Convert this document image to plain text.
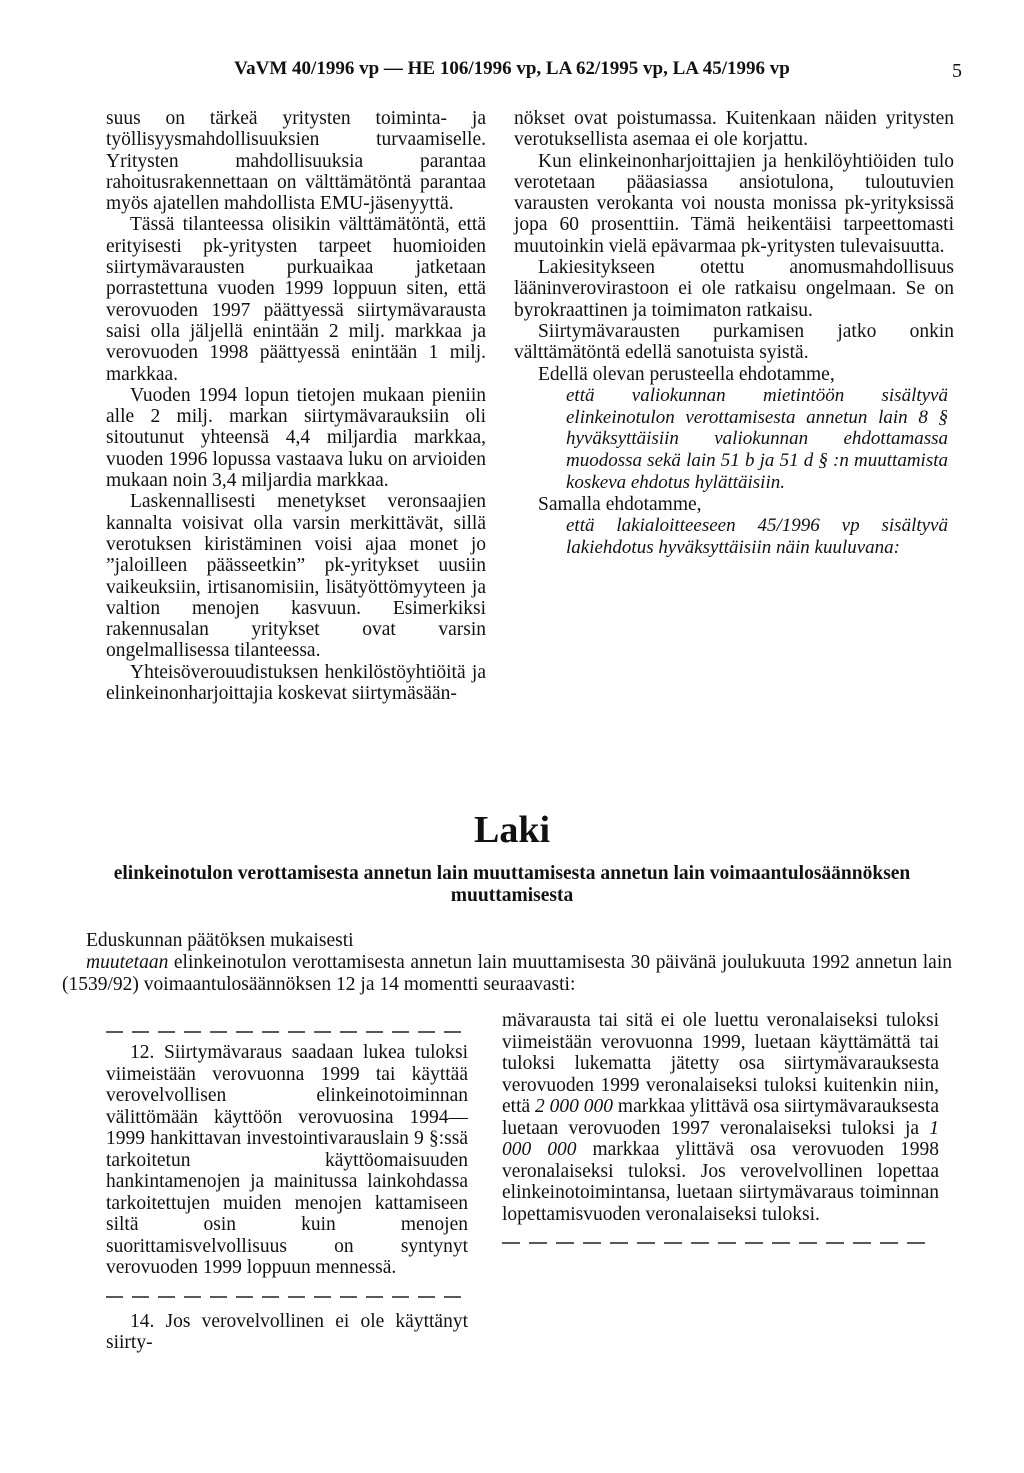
VaVM 40/1996 vp — HE 106/1996 vp, LA 62/1995 vp, LA 45/1996 vp	5

suus on tärkeä yritysten toiminta- ja työllisyysmahdollisuuksien turvaamiselle. Yritysten mahdollisuuksia parantaa rahoitusrakennettaan on välttämätöntä parantaa myös ajatellen mahdollista EMU-jäsenyyttä.

Tässä tilanteessa olisikin välttämätöntä, että erityisesti pk-yritysten tarpeet huomioiden siirtymävarausten purkuaikaa jatketaan porrastettuna vuoden 1999 loppuun siten, että verovuoden 1997 päättyessä siirtymävarausta saisi olla jäljellä enintään 2 milj. markkaa ja verovuoden 1998 päättyessä enintään 1 milj. markkaa.

Vuoden 1994 lopun tietojen mukaan pieniin alle 2 milj. markan siirtymävarauksiin oli sitoutunut yhteensä 4,4 miljardia markkaa, vuoden 1996 lopussa vastaava luku on arvioiden mukaan noin 3,4 miljardia markkaa.

Laskennallisesti menetykset veronsaajien kannalta voisivat olla varsin merkittävät, sillä verotuksen kiristäminen voisi ajaa monet jo ”jaloilleen päässeetkin” pk-yritykset uusiin vaikeuksiin, irtisanomisiin, lisätyöttömyyteen ja valtion menojen kasvuun. Esimerkiksi rakennusalan yritykset ovat varsin ongelmallisessa tilanteessa.

Yhteisöverouudistuksen henkilöstöyhtiöitä ja elinkeinonharjoittajia koskevat siirtymäsään-

nökset ovat poistumassa. Kuitenkaan näiden yritysten verotuksellista asemaa ei ole korjattu.

Kun elinkeinonharjoittajien ja henkilöyhtiöiden tulo verotetaan pääasiassa ansiotulona, tuloutuvien varausten verokanta voi nousta monissa pk-yrityksissä jopa 60 prosenttiin. Tämä heikentäisi tarpeettomasti muutoinkin vielä epävarmaa pk-yritysten tulevaisuutta.

Lakiesitykseen otettu anomusmahdollisuus lääninverovirastoon ei ole ratkaisu ongelmaan. Se on byrokraattinen ja toimimaton ratkaisu.

Siirtymävarausten purkamisen jatko onkin välttämätöntä edellä sanotuista syistä.

Edellä olevan perusteella ehdotamme,

että valiokunnan mietintöön sisältyvä elinkeinotulon verottamisesta annetun lain 8 § hyväksyttäisiin valiokunnan ehdottamassa muodossa sekä lain 51 b ja 51 d § :n muuttamista koskeva ehdotus hylättäisiin.

Samalla ehdotamme,

että lakialoitteeseen 45/1996 vp sisältyvä lakiehdotus hyväksyttäisiin näin kuuluvana:

Laki
elinkeinotulon verottamisesta annetun lain muuttamisesta annetun lain voimaantulosäännöksen muuttamisesta

Eduskunnan päätöksen mukaisesti

muutetaan elinkeinotulon verottamisesta annetun lain muuttamisesta 30 päivänä joulukuuta 1992 annetun lain (1539/92) voimaantulosäännöksen 12 ja 14 momentti seuraavasti:

12. Siirtymävaraus saadaan lukea tuloksi viimeistään verovuonna 1999 tai käyttää verovelvollisen elinkeinotoiminnan välittömään käyttöön verovuosina 1994—1999 hankittavan investointivarauslain 9 §:ssä tarkoitetun käyttöomaisuuden hankintamenojen ja mainitussa lainkohdassa tarkoitettujen muiden menojen kattamiseen siltä osin kuin menojen suorittamisvelvollisuus on syntynyt verovuoden 1999 loppuun mennessä.

14. Jos verovelvollinen ei ole käyttänyt siirty-

mävarausta tai sitä ei ole luettu veronalaiseksi tuloksi viimeistään verovuonna 1999, luetaan käyttämättä tai tuloksi lukematta jätetty osa siirtymävarauksesta verovuoden 1999 veronalaiseksi tuloksi kuitenkin niin, että 2 000 000 markkaa ylittävä osa siirtymävarauksesta luetaan verovuoden 1997 veronalaiseksi tuloksi ja 1 000 000 markkaa ylittävä osa verovuoden 1998 veronalaiseksi tuloksi. Jos verovelvollinen lopettaa elinkeinotoimintansa, luetaan siirtymävaraus toiminnan lopettamisvuoden veronalaiseksi tuloksi.
